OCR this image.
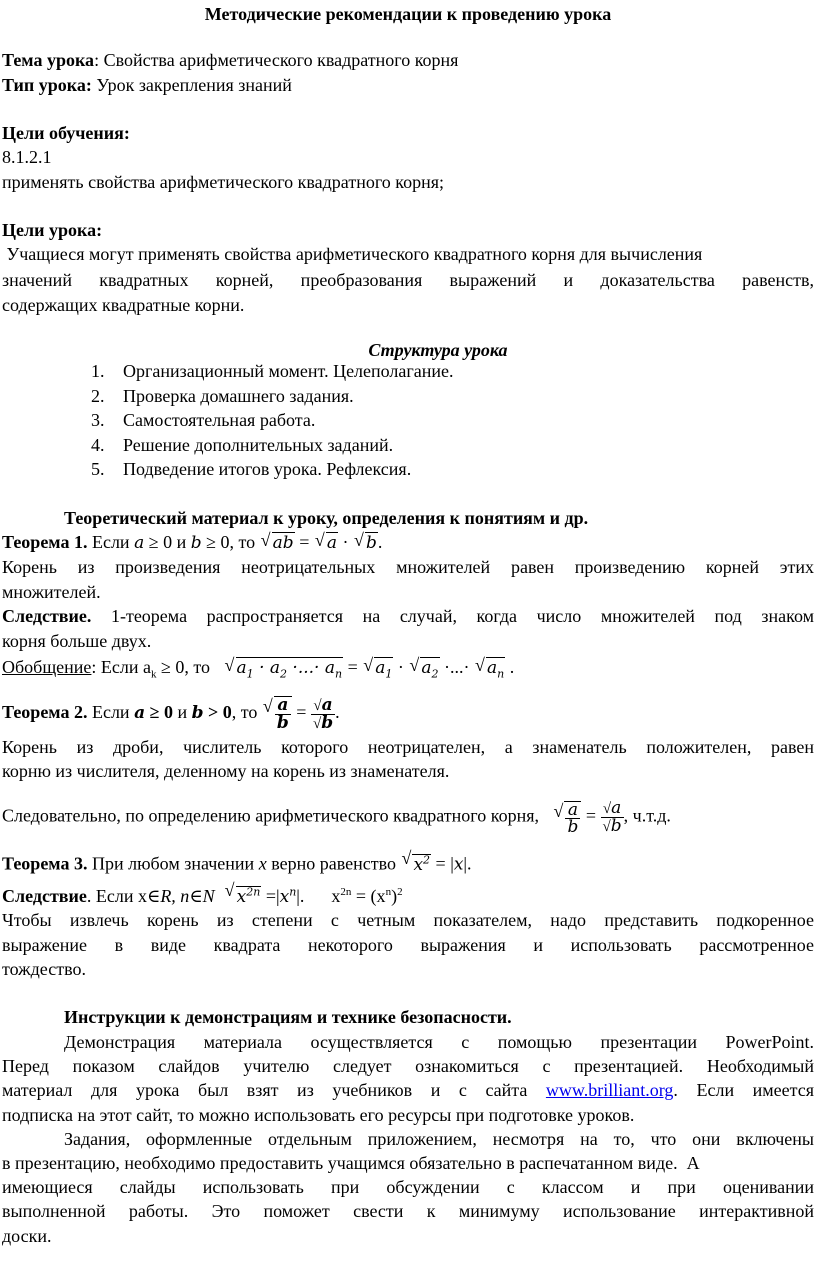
Методические рекомендации к проведению урока
Тема урока: Свойства арифметического квадратного корня
Тип урока: Урок закрепления знаний
Цели обучения:
8.1.2.1
применять свойства арифметического квадратного корня;
Цели урока:
Учащиеся могут применять свойства арифметического квадратного корня для вычисления
значений квадратных корней, преобразования выражений и доказательства равенств,
содержащих квадратные корни.
Структура урока
1. Организационный момент. Целеполагание.
2. Проверка домашнего задания.
3. Самостоятельная работа.
4. Решение дополнительных заданий.
5. Подведение итогов урока. Рефлексия.
Теоретический материал к уроку, определения к понятиям и др.
Теорема 1. Если a ≥ 0 и b ≥ 0, то √ ab = √ a · √ b.
Корень из произведения неотрицательных множителей равен произведению корней этих
множителей.
Следствие. 1-теорема распространяется на случай, когда число множителей под знаком
корня больше двух.
Обобщение: Если $a_k \ge 0$, то √ $a_1 \cdot a_2$ ·...· $a_n$ = √ $a_1$ · √ $a_2$ ·...· √ $a_n$ .
Теорема 2. Если a ≥ 0 и b > 0, то √ $\frac{a}{b} = \frac{√a}{√b}$ .
Корень из дроби, числитель которого неотрицателен, а знаменатель положителен, равен
корню из числителя, деленному на корень из знаменателя.
Следовательно, по определению арифметического квадратного корня, √ $\frac{a}{b} = \frac{√a}{√b}$ , ч.т.д.
Теорема 3. При любом значении x верно равенство √ $x^2 = |x|$.
Следствие. Если x∈R, n∈N √ $x^{2n} =|x^n|$.      $x^{2n} = (x^n)^2$
Чтобы извлечь корень из степени с четным показателем, надо представить подкоренное
выражение в виде квадрата некоторого выражения и использовать рассмотренное
тождество.
Инструкции к демонстрациям и технике безопасности.
Демонстрация материала осуществляется с помощью презентации PowerPoint.
Перед показом слайдов учителю следует ознакомиться с презентацией. Необходимый
материал для урока был взят из учебников и с сайта www.brilliant.org. Если имеется
подписка на этот сайт, то можно использовать его ресурсы при подготовке уроков.
Задания, оформленные отдельным приложением, несмотря на то, что они включены
в презентацию, необходимо предоставить учащимся обязательно в распечатанном виде.  А
имеющиеся слайды использовать при обсуждении с классом и при оценивании
выполненной работы. Это поможет свести к минимуму использование интерактивной
доски.
